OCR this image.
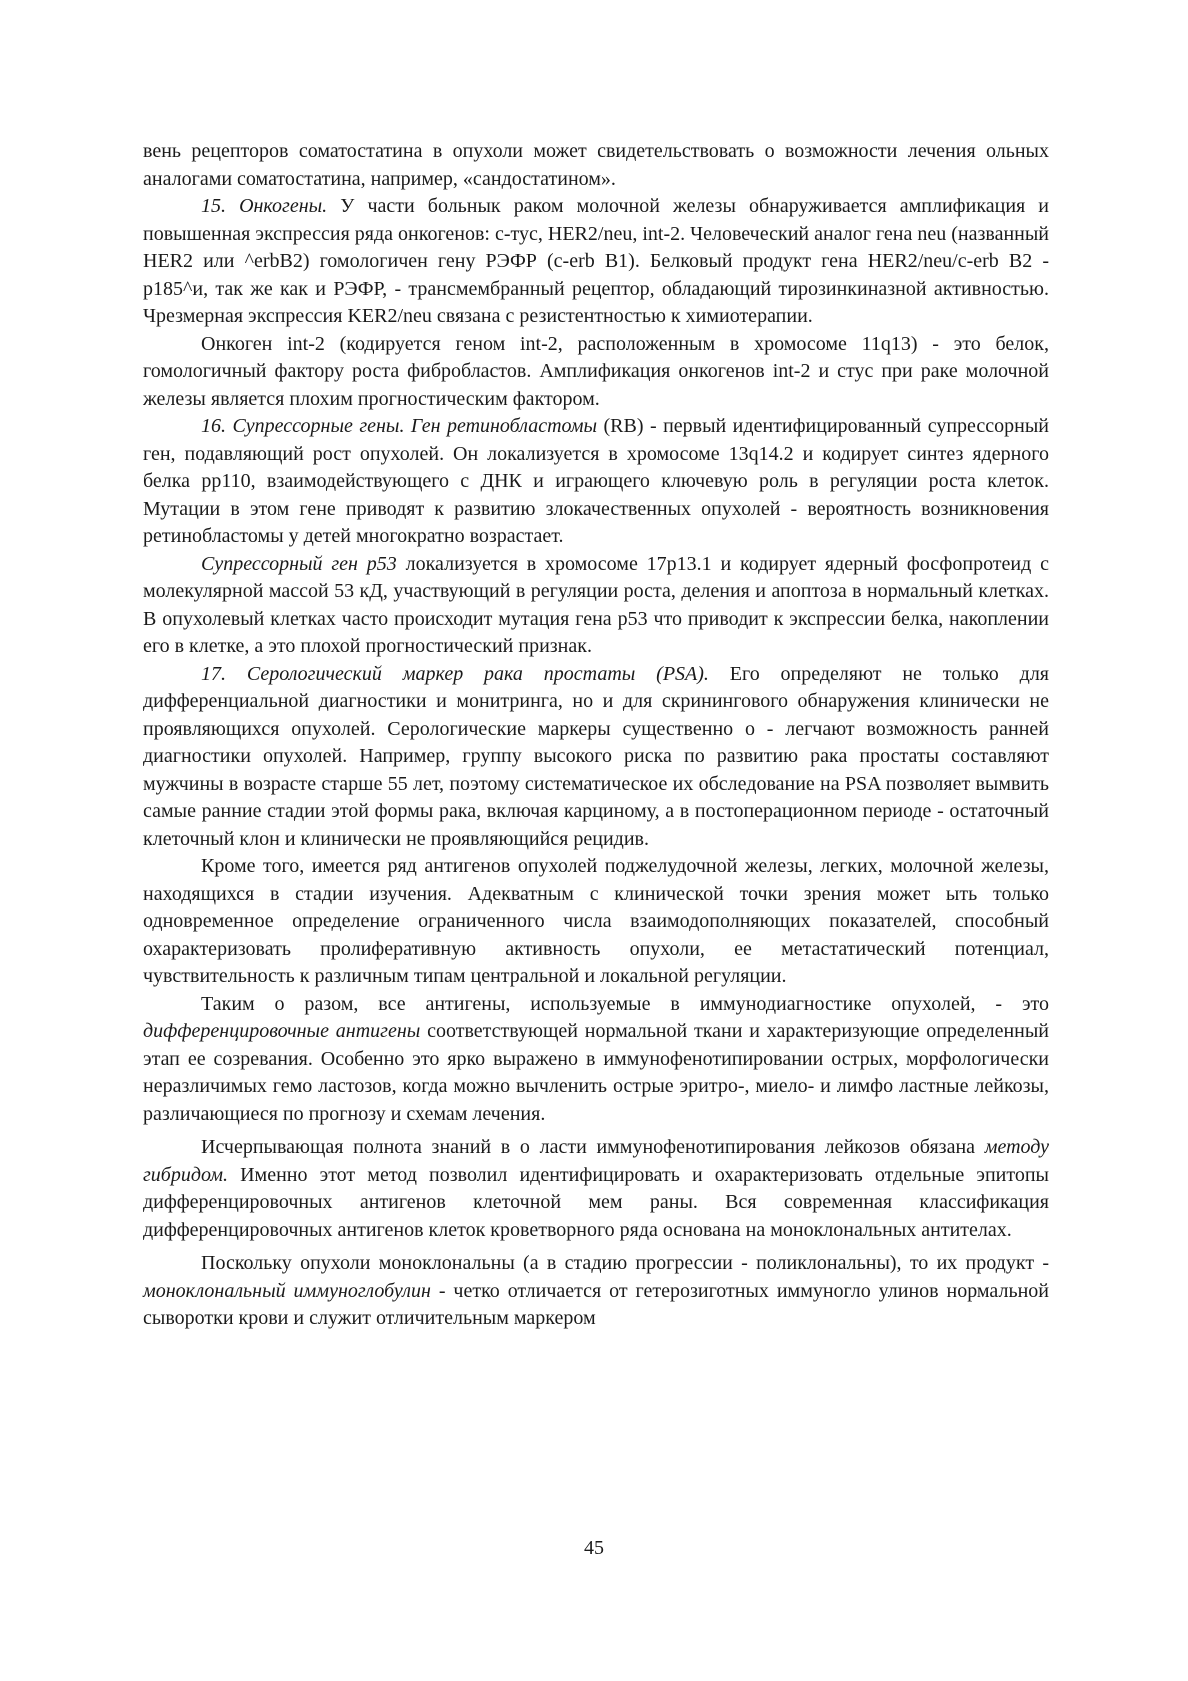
вень рецепторов соматостатина в опухоли может свидетельствовать о возможности лечения ольных аналогами соматостатина, например, «сандостатином».

15. Онкогены. У части больнык раком молочной железы обнаруживается амплификация и повышенная экспрессия ряда онкогенов: с-тус, HER2/neu, int-2. Человеческий аналог гена neu (названный HER2 или ^erbB2) гомологичен гену РЭФР (c-erb B1). Белковый продукт гена HER2/neu/c-erb В2 - р185^и, так же как и РЭФР, - трансмембранный рецептор, обладающий тирозинкиназной активностью. Чрезмерная экспрессия KER2/neu связана с резистентностью к химиотерапии.

Онкоген int-2 (кодируется геном int-2, расположенным в хромосоме 11q13) - это белок, гомологичный фактору роста фибробластов. Амплификация онкогенов int-2 и стус при раке молочной железы является плохим прогностическим фактором.

16. Супрессорные гены. Ген ретинобластомы (RB) - первый идентифицированный супрессорный ген, подавляющий рост опухолей. Он локализуется в хромосоме 13q14.2 и кодирует синтез ядерного белка pp110, взаимодействующего с ДНК и играющего ключевую роль в регуляции роста клеток. Мутации в этом гене приводят к развитию злокачественных опухолей - вероятность возникновения ретинобластомы у детей многократно возрастает.

Супрессорный ген р53 локализуется в хромосоме 17р13.1 и кодирует ядерный фосфопротеид с молекулярной массой 53 кД, участвующий в регуляции роста, деления и апоптоза в нормальный клетках. В опухолевый клетках часто происходит мутация гена р53 что приводит к экспрессии белка, накоплении его в клетке, а это плохой прогностический признак.

17. Серологический маркер рака простаты (PSA). Его определяют не только для дифференциальной диагностики и монитринга, но и для скринингового обнаружения клинически не проявляющихся опухолей. Серологические маркеры существенно о - легчают возможность ранней диагностики опухолей. Например, группу высокого риска по развитию рака простаты составляют мужчины в возрасте старше 55 лет, поэтому систематическое их обследование на PSA позволяет вымвить самые ранние стадии этой формы рака, включая карциному, а в постоперационном периоде - остаточный клеточный клон и клинически не проявляющийся рецидив.

Кроме того, имеется ряд антигенов опухолей поджелудочной железы, легких, молочной железы, находящихся в стадии изучения. Адекватным с клинической точки зрения может ыть только одновременное определение ограниченного числа взаимодополняющих показателей, способный охарактеризовать пролиферативную активность опухоли, ее метастатический потенциал, чувствительность к различным типам центральной и локальной регуляции.

Таким о разом, все антигены, используемые в иммунодиагностике опухолей, - это дифференцировочные антигены соответствующей нормальной ткани и характеризующие определенный этап ее созревания. Особенно это ярко выражено в иммунофенотипировании острых, морфологически неразличимых гемо ластозов, когда можно вычленить острые эритро-, миело- и лимфо ластные лейкозы, различающиеся по прогнозу и схемам лечения.

Исчерпывающая полнота знаний в о ласти иммунофенотипирования лейкозов обязана методу гибридом. Именно этот метод позволил идентифицировать и охарактеризовать отдельные эпитопы дифференцировочных антигенов клеточной мем раны. Вся современная классификация дифференцировочных антигенов клеток кроветворного ряда основана на моноклональных антителах.

Поскольку опухоли моноклональны (а в стадию прогрессии - поликлональны), то их продукт - моноклональный иммуноглобулин - четко отличается от гетерозиготных иммуногло улинов нормальной сыворотки крови и служит отличительным маркером

45
